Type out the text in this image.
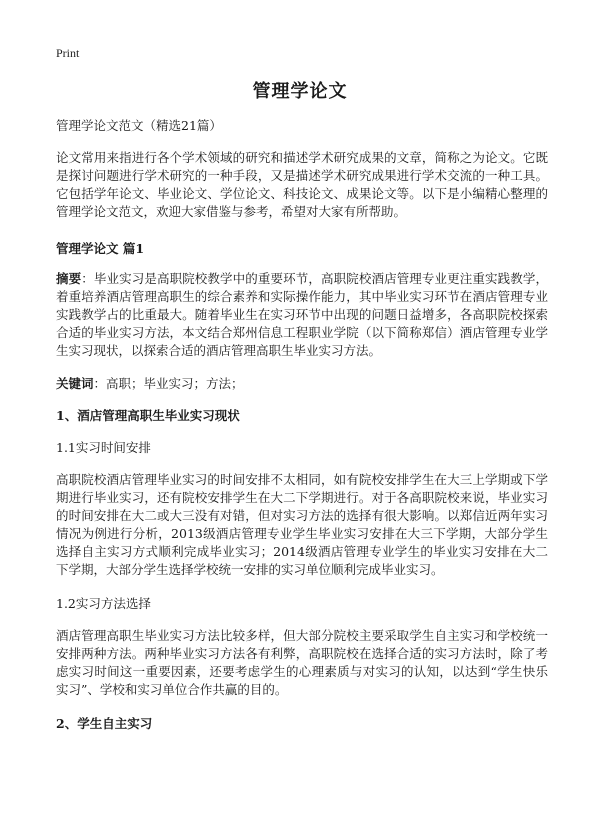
Print
管理学论文

管理学论文范文（精选21篇）

论文常用来指进行各个学术领域的研究和描述学术研究成果的文章，简称之为论文。它既是探讨问题进行学术研究的一种手段，又是描述学术研究成果进行学术交流的一种工具。它包括学年论文、毕业论文、学位论文、科技论文、成果论文等。以下是小编精心整理的管理学论文范文，欢迎大家借鉴与参考，希望对大家有所帮助。

管理学论文 篇1

摘要：毕业实习是高职院校教学中的重要环节，高职院校酒店管理专业更注重实践教学，着重培养酒店管理高职生的综合素养和实际操作能力，其中毕业实习环节在酒店管理专业实践教学占的比重最大。随着毕业生在实习环节中出现的问题日益增多，各高职院校探索合适的毕业实习方法，本文结合郑州信息工程职业学院（以下简称郑信）酒店管理专业学生实习现状，以探索合适的酒店管理高职生毕业实习方法。

关键词：高职；毕业实习；方法；

1、酒店管理高职生毕业实习现状

1.1实习时间安排

高职院校酒店管理毕业实习的时间安排不太相同，如有院校安排学生在大三上学期或下学期进行毕业实习，还有院校安排学生在大二下学期进行。对于各高职院校来说，毕业实习的时间安排在大二或大三没有对错，但对实习方法的选择有很大影响。以郑信近两年实习情况为例进行分析，2013级酒店管理专业学生毕业实习安排在大三下学期，大部分学生选择自主实习方式顺利完成毕业实习；2014级酒店管理专业学生的毕业实习安排在大二下学期，大部分学生选择学校统一安排的实习单位顺利完成毕业实习。

1.2实习方法选择

酒店管理高职生毕业实习方法比较多样，但大部分院校主要采取学生自主实习和学校统一安排两种方法。两种毕业实习方法各有利弊，高职院校在选择合适的实习方法时，除了考虑实习时间这一重要因素，还要考虑学生的心理素质与对实习的认知，以达到“学生快乐实习”、学校和实习单位合作共赢的目的。

2、学生自主实习
